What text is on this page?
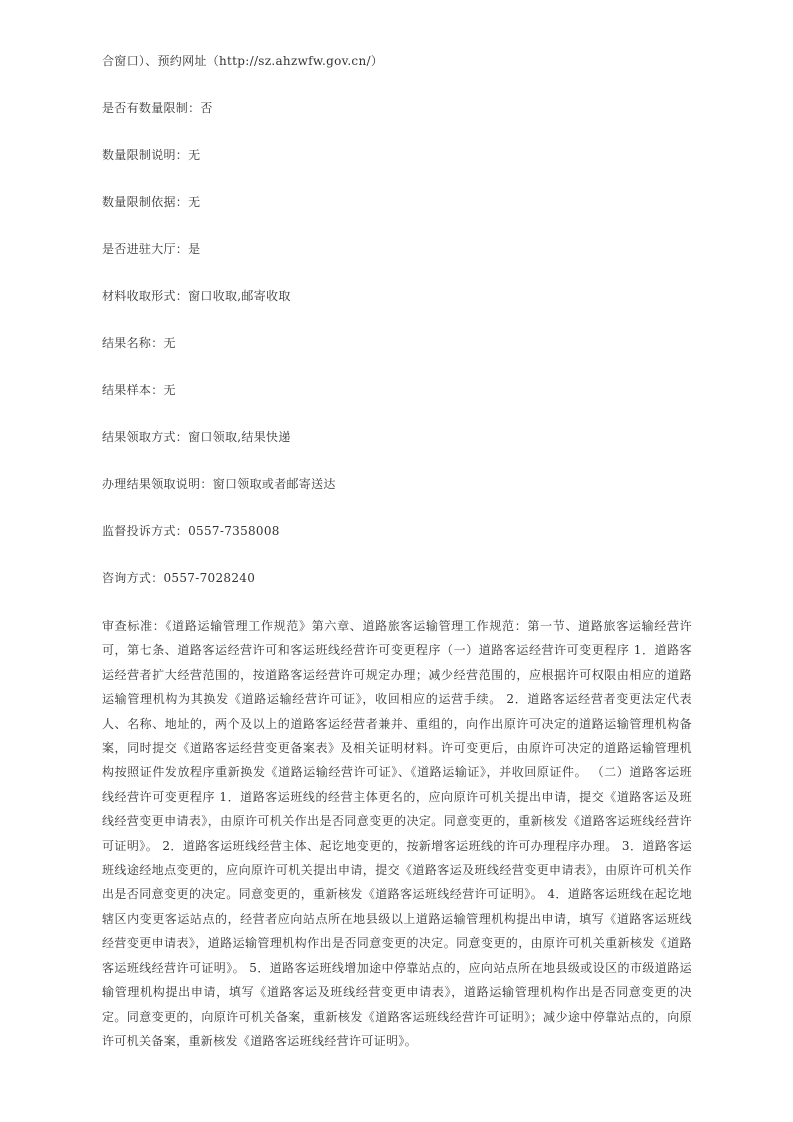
合窗口）、预约网址（http://sz.ahzwfw.gov.cn/）
是否有数量限制：否
数量限制说明：无
数量限制依据：无
是否进驻大厅：是
材料收取形式：窗口收取,邮寄收取
结果名称：无
结果样本：无
结果领取方式：窗口领取,结果快递
办理结果领取说明：窗口领取或者邮寄送达
监督投诉方式：0557-7358008
咨询方式：0557-7028240
审查标准：《道路运输管理工作规范》第六章、道路旅客运输管理工作规范：第一节、道路旅客运输经营许可，第七条、道路客运经营许可和客运班线经营许可变更程序（一）道路客运经营许可变更程序 1．道路客运经营者扩大经营范围的，按道路客运经营许可规定办理；减少经营范围的，应根据许可权限由相应的道路运输管理机构为其换发《道路运输经营许可证》，收回相应的运营手续。 2．道路客运经营者变更法定代表人、名称、地址的，两个及以上的道路客运经营者兼并、重组的，向作出原许可决定的道路运输管理机构备案，同时提交《道路客运经营变更备案表》及相关证明材料。许可变更后，由原许可决定的道路运输管理机构按照证件发放程序重新换发《道路运输经营许可证》、《道路运输证》，并收回原证件。 （二）道路客运班线经营许可变更程序 1．道路客运班线的经营主体更名的，应向原许可机关提出申请，提交《道路客运及班线经营变更申请表》，由原许可机关作出是否同意变更的决定。同意变更的，重新核发《道路客运班线经营许可证明》。 2．道路客运班线经营主体、起讫地变更的，按新增客运班线的许可办理程序办理。 3．道路客运班线途经地点变更的，应向原许可机关提出申请，提交《道路客运及班线经营变更申请表》，由原许可机关作出是否同意变更的决定。同意变更的，重新核发《道路客运班线经营许可证明》。 4．道路客运班线在起讫地辖区内变更客运站点的，经营者应向站点所在地县级以上道路运输管理机构提出申请，填写《道路客运班线经营变更申请表》，道路运输管理机构作出是否同意变更的决定。同意变更的，由原许可机关重新核发《道路客运班线经营许可证明》。 5．道路客运班线增加途中停靠站点的，应向站点所在地县级或设区的市级道路运输管理机构提出申请，填写《道路客运及班线经营变更申请表》，道路运输管理机构作出是否同意变更的决定。同意变更的，向原许可机关备案，重新核发《道路客运班线经营许可证明》；减少途中停靠站点的，向原许可机关备案，重新核发《道路客运班线经营许可证明》。
